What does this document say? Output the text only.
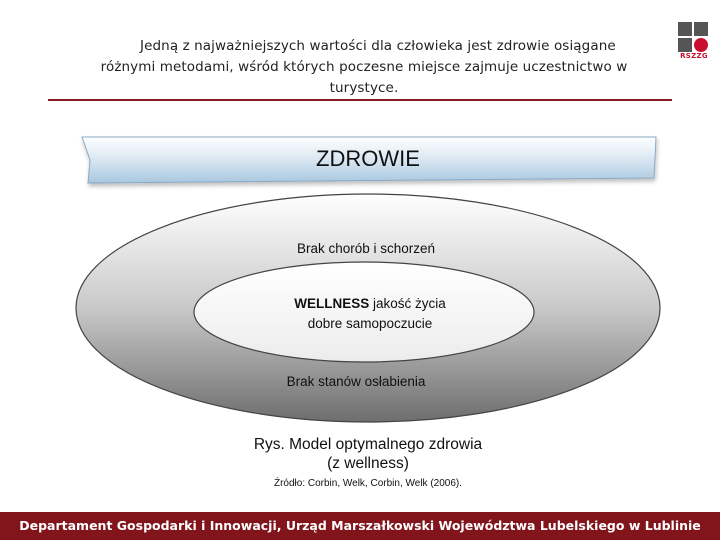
Jedną z najważniejszych wartości dla człowieka jest zdrowie osiągane
różnymi metodami, wśród których poczesne miejsce zajmuje uczestnictwo w
turystyce.
RSZZG
ZDROWIE
Brak chorób i schorzeń
WELLNESS jakość życia
dobre samopoczucie
Brak stanów osłabienia
Rys. Model optymalnego zdrowia
(z wellness)
Źródło: Corbin, Welk, Corbin, Welk (2006).
Departament Gospodarki i Innowacji, Urząd Marszałkowski Województwa Lubelskiego w Lublinie
